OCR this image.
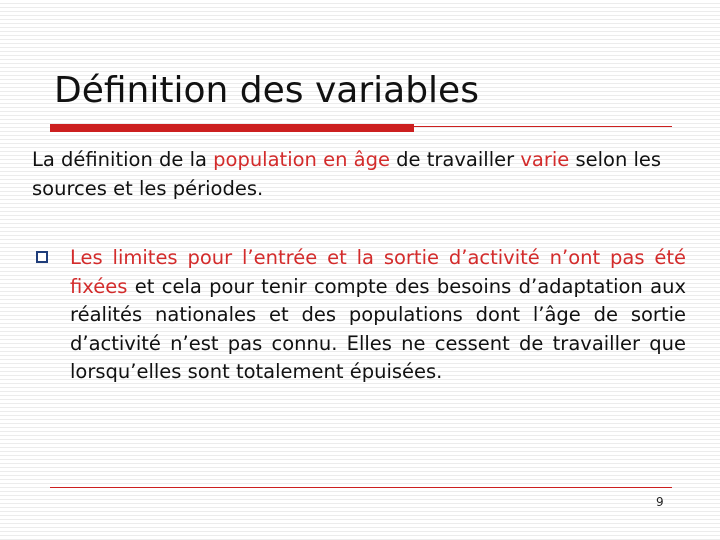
Définition des variables

La définition de la population en âge de travailler varie selon les sources et les périodes.

Les limites pour l’entrée et la sortie d’activité n’ont pas été fixées et cela pour tenir compte des besoins d’adaptation aux réalités nationales et des populations dont l’âge de sortie d’activité n’est pas connu. Elles ne cessent de travailler que lorsqu’elles sont totalement épuisées.

9
